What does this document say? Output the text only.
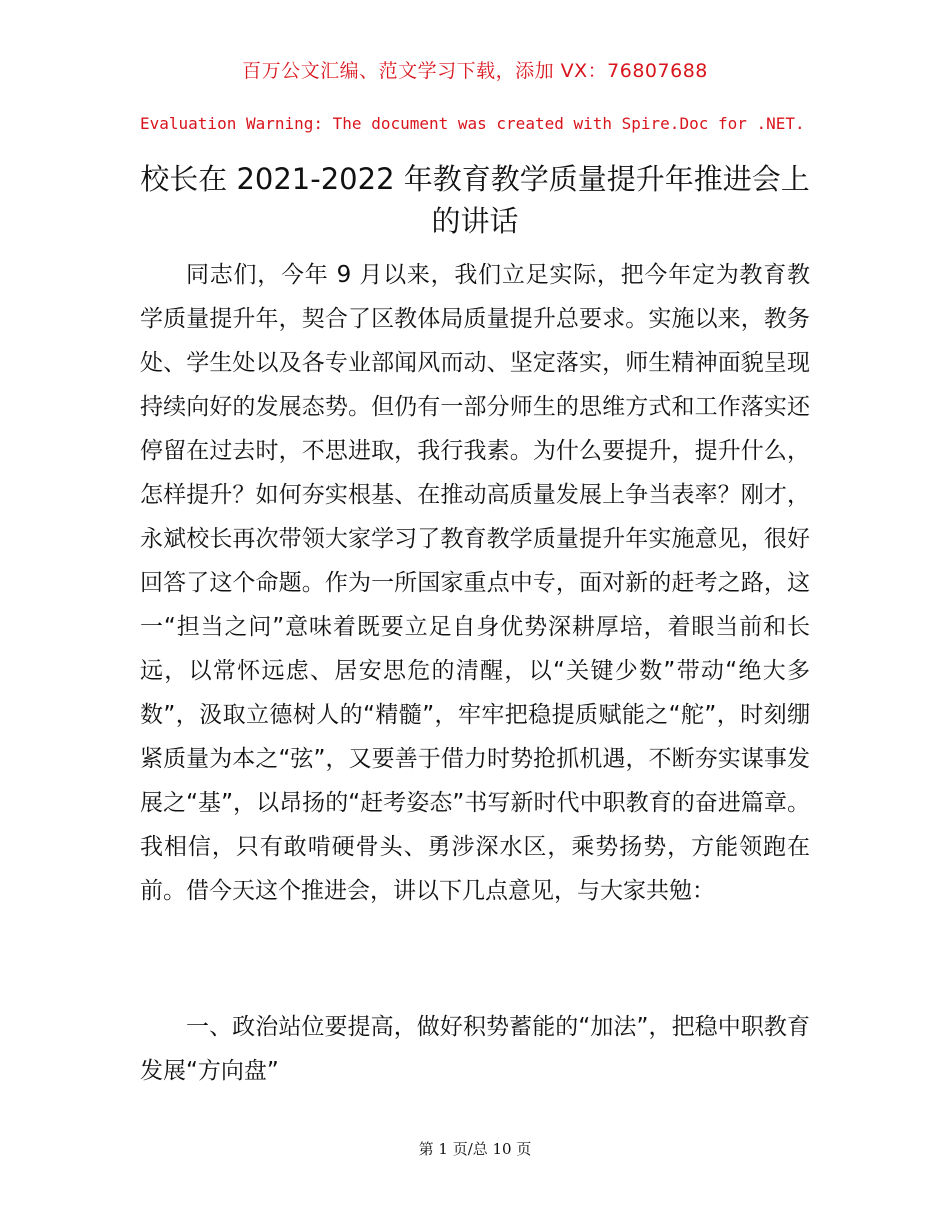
百万公文汇编、范文学习下载，添加 VX：76807688
Evaluation Warning: The document was created with Spire.Doc for .NET.
校长在 2021-2022 年教育教学质量提升年推进会上的讲话

同志们，今年 9 月以来，我们立足实际，把今年定为教育教学质量提升年，契合了区教体局质量提升总要求。实施以来，教务处、学生处以及各专业部闻风而动、坚定落实，师生精神面貌呈现持续向好的发展态势。但仍有一部分师生的思维方式和工作落实还停留在过去时，不思进取，我行我素。为什么要提升，提升什么，怎样提升？如何夯实根基、在推动高质量发展上争当表率？刚才，永斌校长再次带领大家学习了教育教学质量提升年实施意见，很好回答了这个命题。作为一所国家重点中专，面对新的赶考之路，这一“担当之问”意味着既要立足自身优势深耕厚培，着眼当前和长远，以常怀远虑、居安思危的清醒，以“关键少数”带动“绝大多数”，汲取立德树人的“精髓”，牢牢把稳提质赋能之“舵”，时刻绷紧质量为本之“弦”，又要善于借力时势抢抓机遇，不断夯实谋事发展之“基”，以昂扬的“赶考姿态”书写新时代中职教育的奋进篇章。我相信，只有敢啃硬骨头、勇涉深水区，乘势扬势，方能领跑在前。借今天这个推进会，讲以下几点意见，与大家共勉：

一、政治站位要提高，做好积势蓄能的“加法”，把稳中职教育发展“方向盘”

第 1 页/总 10 页
